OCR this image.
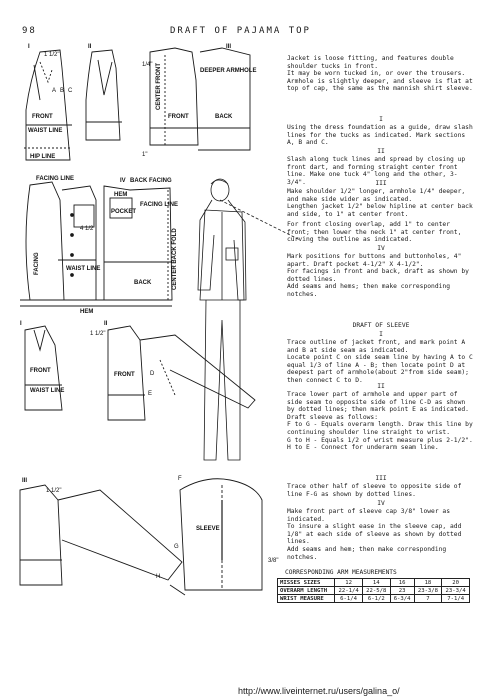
98	DRAFT OF PAJAMA TOP
I	II	III
IV
I	II
III
FRONT
WAIST LINE
HIP LINE
CENTER FRONT	DEEPER ARMHOLE
FRONT	BACK
FACING LINE	BACK FACING
HEM
POCKET
FACING LINE
FACING	WAIST LINE
BACK	CENTER BACK FOLD
HEM
FRONT
WAIST LINE
FRONT
SLEEVE
A B C
D
E
F
G
H
1 1/2"
1/4"
4 1/2
1"
3/8"
1 1/2"
1 1/2"
Jacket is loose fitting, and features double shoulder tucks in front.
It may be worn tucked in, or over the trousers.
Armhole is slightly deeper, and sleeve is flat at top of cap, the same as the mannish shirt sleeve.
I
Using the dress foundation as a guide, draw slash lines for the tucks as indicated. Mark sections A, B and C.
II
Slash along tuck lines and spread by closing up front dart, and forming straight center front line. Make one tuck 4" long and the other, 3-3/4".	III
Make shoulder 1/2" longer, armhole 1/4" deeper, and make side wider as indicated.
Lengthen jacket 1/2" below hipline at center back and side, to 1" at center front.
For front closing overlap, add 1" to center front; then lower the neck 1" at center front, curving the outline as indicated.
IV
Mark positions for buttons and buttonholes, 4" apart. Draft pocket 4-1/2" X 4-1/2".
For facings in front and back, draft as shown by dotted lines.
Add seams and hems; then make corresponding notches.
DRAFT OF SLEEVE
I
Trace outline of jacket front, and mark point A and B at side seam as indicated.
Locate point C on side seam line by having A to C equal 1/3 of line A - B; then locate point D at deepest part of armhole(about 2"from side seam); then connect C to D.
II
Trace lower part of armhole and upper part of side seam to opposite side of line C-D as shown by dotted lines; then mark point E as indicated.
Draft sleeve as follows:
F to G - Equals overarm length. Draw this line by continuing shoulder line straight to wrist.
G to H - Equals 1/2 of wrist measure plus 2-1/2".
H to E - Connect for underarm seam line.
III
Trace other half of sleeve to opposite side of line F-G as shown by dotted lines.
IV
Make front part of sleeve cap 3/8" lower as indicated.
To insure a slight ease in the sleeve cap, add 1/8" at each side of sleeve as shown by dotted lines.
Add seams and hem; then make corresponding notches.
CORRESPONDING ARM MEASUREMENTS
MISSES SIZES	12	14	16	18	20
OVERARM LENGTH	22-1/4	22-5/8	23	23-3/8	23-3/4
WRIST MEASURE	6-1/4	6-1/2	6-3/4	7	7-1/4
http://www.liveinternet.ru/users/galina_o/
